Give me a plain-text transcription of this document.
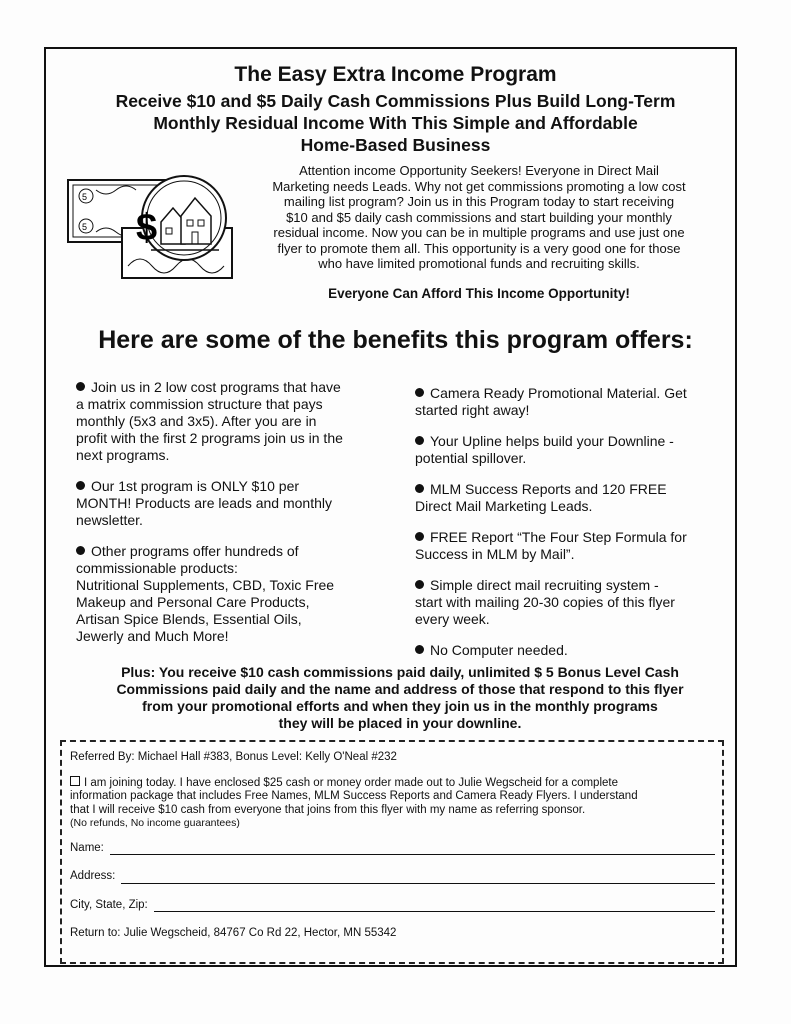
The Easy Extra Income Program
Receive $10 and $5 Daily Cash Commissions Plus Build Long-Term
Monthly Residual Income With This Simple and Affordable
Home-Based Business
5
5 $
Attention income Opportunity Seekers! Everyone in Direct Mail
Marketing needs Leads. Why not get commissions promoting a low cost
mailing list program? Join us in this Program today to start receiving
$10 and $5 daily cash commissions and start building your monthly
residual income. Now you can be in multiple programs and use just one
flyer to promote them all. This opportunity is a very good one for those
who have limited promotional funds and recruiting skills.
Everyone Can Afford This Income Opportunity!
Here are some of the benefits this program offers:
Join us in 2 low cost programs that have
a matrix commission structure that pays
monthly (5x3 and 3x5). After you are in
profit with the first 2 programs join us in the
next programs.
Our 1st program is ONLY $10 per
MONTH! Products are leads and monthly
newsletter.
Other programs offer hundreds of
commissionable products:
Nutritional Supplements, CBD, Toxic Free
Makeup and Personal Care Products,
Artisan Spice Blends, Essential Oils,
Jewerly and Much More!
Camera Ready Promotional Material. Get
started right away!
Your Upline helps build your Downline -
potential spillover.
MLM Success Reports and 120 FREE
Direct Mail Marketing Leads.
FREE Report “The Four Step Formula for
Success in MLM by Mail”.
Simple direct mail recruiting system -
start with mailing 20-30 copies of this flyer
every week.
No Computer needed.
Plus: You receive $10 cash commissions paid daily, unlimited $ 5 Bonus Level Cash
Commissions paid daily and the name and address of those that respond to this flyer
from your promotional efforts and when they join us in the monthly programs
they will be placed in your downline.
Referred By: Michael Hall #383, Bonus Level: Kelly O'Neal #232
I am joining today. I have enclosed $25 cash or money order made out to Julie Wegscheid for a complete
information package that includes Free Names, MLM Success Reports and Camera Ready Flyers. I understand
that I will receive $10 cash from everyone that joins from this flyer with my name as referring sponsor.
(No refunds, No income guarantees)
Name:
Address:
City, State, Zip:
Return to: Julie Wegscheid, 84767 Co Rd 22, Hector, MN 55342
